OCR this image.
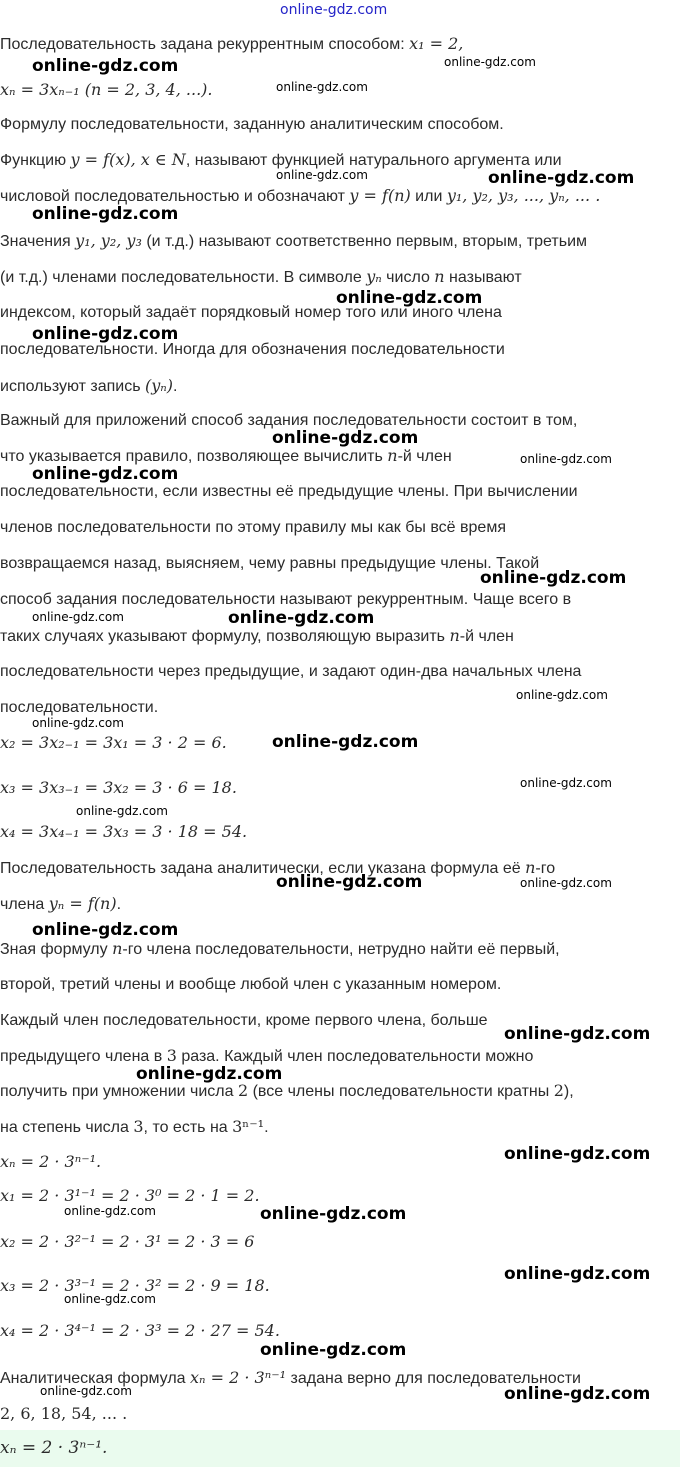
online-gdz.com
Последовательность задана рекуррентным способом: x₁ = 2,
xₙ = 3xₙ₋₁ (n = 2, 3, 4, ...).
Формулу последовательности, заданную аналитическим способом.
Функцию y = f(x), x ∈ N, называют функцией натурального аргумента или
числовой последовательностью и обозначают y = f(n) или y₁, y₂, y₃, ..., yₙ, ... .
Значения y₁, y₂, y₃ (и т.д.) называют соответственно первым, вторым, третьим
(и т.д.) членами последовательности. В символе yₙ число n называют
индексом, который задаёт порядковый номер того или иного члена
последовательности. Иногда для обозначения последовательности
используют запись (yₙ).
Важный для приложений способ задания последовательности состоит в том,
что указывается правило, позволяющее вычислить n-й член
последовательности, если известны её предыдущие члены. При вычислении
членов последовательности по этому правилу мы как бы всё время
возвращаемся назад, выясняем, чему равны предыдущие члены. Такой
способ задания последовательности называют рекуррентным. Чаще всего в
таких случаях указывают формулу, позволяющую выразить n-й член
последовательности через предыдущие, и задают один-два начальных члена
последовательности.
x₂ = 3x₂₋₁ = 3x₁ = 3 · 2 = 6.
x₃ = 3x₃₋₁ = 3x₂ = 3 · 6 = 18.
x₄ = 3x₄₋₁ = 3x₃ = 3 · 18 = 54.
Последовательность задана аналитически, если указана формула её n-го
члена yₙ = f(n).
Зная формулу n-го члена последовательности, нетрудно найти её первый,
второй, третий члены и вообще любой член с указанным номером.
Каждый член последовательности, кроме первого члена, больше
предыдущего члена в 3 раза. Каждый член последовательности можно
получить при умножении числа 2 (все члены последовательности кратны 2),
на степень числа 3, то есть на 3ⁿ⁻¹.
xₙ = 2 · 3ⁿ⁻¹.
x₁ = 2 · 3¹⁻¹ = 2 · 3⁰ = 2 · 1 = 2.
x₂ = 2 · 3²⁻¹ = 2 · 3¹ = 2 · 3 = 6
x₃ = 2 · 3³⁻¹ = 2 · 3² = 2 · 9 = 18.
x₄ = 2 · 3⁴⁻¹ = 2 · 3³ = 2 · 27 = 54.
Аналитическая формула xₙ = 2 · 3ⁿ⁻¹ задана верно для последовательности
2, 6, 18, 54, ... .
xₙ = 2 · 3ⁿ⁻¹.
online-gdz.com	online-gdz.com
online-gdz.com
online-gdz.com	online-gdz.com
online-gdz.com
online-gdz.com
online-gdz.com
online-gdz.com
online-gdz.com
online-gdz.com
online-gdz.com
online-gdz.com
online-gdz.com
online-gdz.com
online-gdz.com
online-gdz.com
online-gdz.com
online-gdz.com
online-gdz.com	online-gdz.com
online-gdz.com
online-gdz.com
online-gdz.com
online-gdz.com
online-gdz.com	online-gdz.com
online-gdz.com
online-gdz.com
online-gdz.com
online-gdz.com	online-gdz.com
